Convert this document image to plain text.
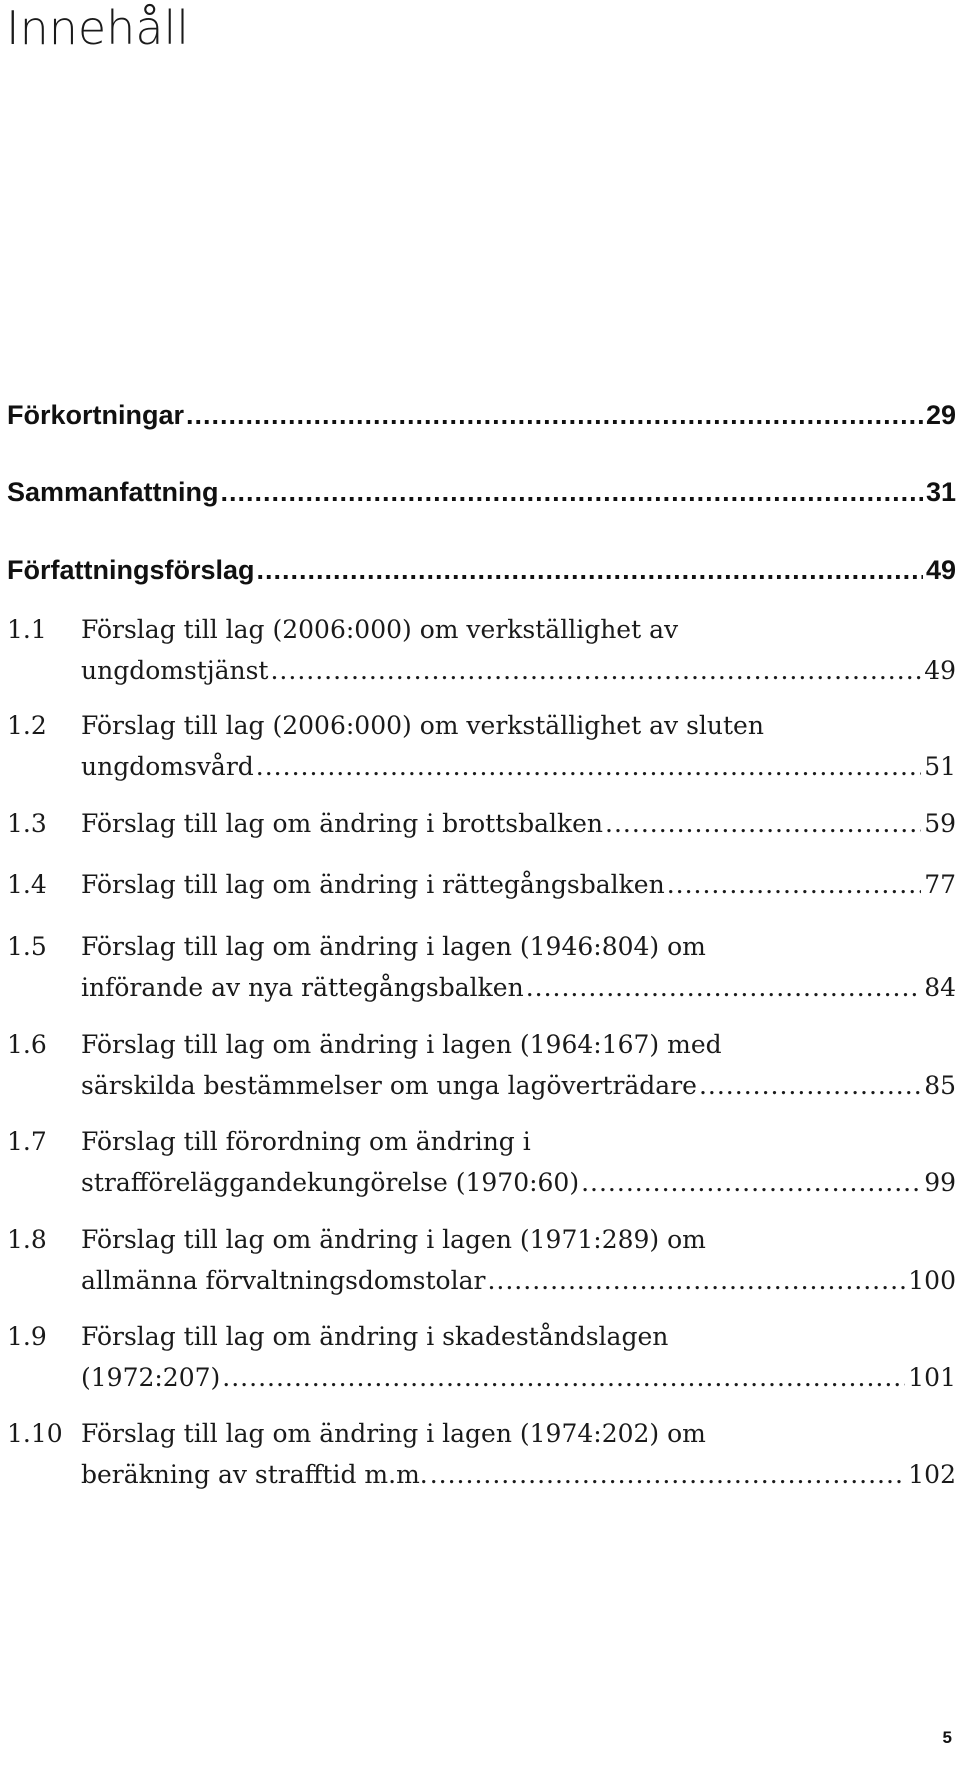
Innehåll
Förkortningar .....	29
Sammanfattning .....	31
Författningsförslag .....	49
1.1	Förslag till lag (2006:000) om verkställighet av
ungdomstjänst .....	49
1.2	Förslag till lag (2006:000) om verkställighet av sluten
ungdomsvård .....	51
1.3	Förslag till lag om ändring i brottsbalken .....	59
1.4	Förslag till lag om ändring i rättegångsbalken .....	77
1.5	Förslag till lag om ändring i lagen (1946:804) om
införande av nya rättegångsbalken .....	84
1.6	Förslag till lag om ändring i lagen (1964:167) med
särskilda bestämmelser om unga lagöverträdare .....	85
1.7	Förslag till förordning om ändring i
strafföreläggandekungörelse (1970:60) .....	99
1.8	Förslag till lag om ändring i lagen (1971:289) om
allmänna förvaltningsdomstolar .....	100
1.9	Förslag till lag om ändring i skadeståndslagen
(1972:207) .....	101
1.10 Förslag till lag om ändring i lagen (1974:202) om
beräkning av strafftid m.m. .....	102
5
